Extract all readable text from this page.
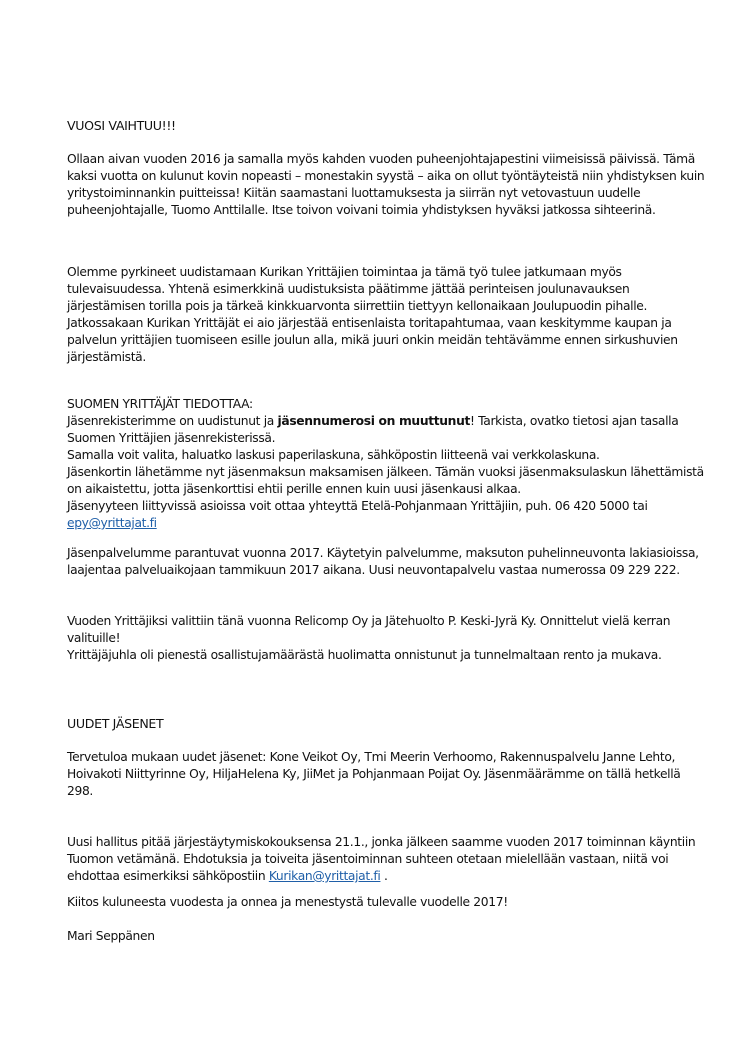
VUOSI VAIHTUU!!!

Ollaan aivan vuoden 2016 ja samalla myös kahden vuoden puheenjohtajapestini viimeisissä päivissä. Tämä kaksi vuotta on kulunut kovin nopeasti – monestakin syystä – aika on ollut työntäyteistä niin yhdistyksen kuin yritystoiminnankin puitteissa! Kiitän saamastani luottamuksesta ja siirrän nyt vetovastuun uudelle puheenjohtajalle, Tuomo Anttilalle. Itse toivon voivani toimia yhdistyksen hyväksi jatkossa sihteerinä.

Olemme pyrkineet uudistamaan Kurikan Yrittäjien toimintaa ja tämä työ tulee jatkumaan myös tulevaisuudessa. Yhtenä esimerkkinä uudistuksista päätimme jättää perinteisen joulunavauksen järjestämisen torilla pois ja tärkeä kinkkuarvonta siirrettiin tiettyyn kellonaikaan Joulupuodin pihalle. Jatkossakaan Kurikan Yrittäjät ei aio järjestää entisenlaista toritapahtumaa, vaan keskitymme kaupan ja palvelun yrittäjien tuomiseen esille joulun alla, mikä juuri onkin meidän tehtävämme ennen sirkushuvien järjestämistä.

SUOMEN YRITTÄJÄT TIEDOTTAA:

Jäsenrekisterimme on uudistunut ja jäsennumerosi on muuttunut! Tarkista, ovatko tietosi ajan tasalla Suomen Yrittäjien jäsenrekisterissä.

Samalla voit valita, haluatko laskusi paperilaskuna, sähköpostin liitteenä vai verkkolaskuna.

Jäsenkortin lähetämme nyt jäsenmaksun maksamisen jälkeen. Tämän vuoksi jäsenmaksulaskun lähettämistä on aikaistettu, jotta jäsenkorttisi ehtii perille ennen kuin uusi jäsenkausi alkaa.

Jäsenyyteen liittyvissä asioissa voit ottaa yhteyttä Etelä-Pohjanmaan Yrittäjiin, puh. 06 420 5000 tai epy@yrittajat.fi

Jäsenpalvelumme parantuvat vuonna 2017. Käytetyin palvelumme, maksuton puhelinneuvonta lakiasioissa, laajentaa palveluaikojaan tammikuun 2017 aikana. Uusi neuvontapalvelu vastaa numerossa 09 229 222.

Vuoden Yrittäjiksi valittiin tänä vuonna Relicomp Oy ja Jätehuolto P. Keski-Jyrä Ky. Onnittelut vielä kerran valituille!

Yrittäjäjuhla oli pienestä osallistujamäärästä huolimatta onnistunut ja tunnelmaltaan rento ja mukava.

UUDET JÄSENET

Tervetuloa mukaan uudet jäsenet: Kone Veikot Oy, Tmi Meerin Verhoomo, Rakennuspalvelu Janne Lehto, Hoivakoti Niittyrinne Oy, HiljaHelena Ky, JiiMet ja Pohjanmaan Poijat Oy. Jäsenmäärämme on tällä hetkellä 298.

Uusi hallitus pitää järjestäytymiskokouksensa 21.1., jonka jälkeen saamme vuoden 2017 toiminnan käyntiin Tuomon vetämänä. Ehdotuksia ja toiveita jäsentoiminnan suhteen otetaan mielellään vastaan, niitä voi ehdottaa esimerkiksi sähköpostiin Kurikan@yrittajat.fi .

Kiitos kuluneesta vuodesta ja onnea ja menestystä tulevalle vuodelle 2017!

Mari Seppänen
